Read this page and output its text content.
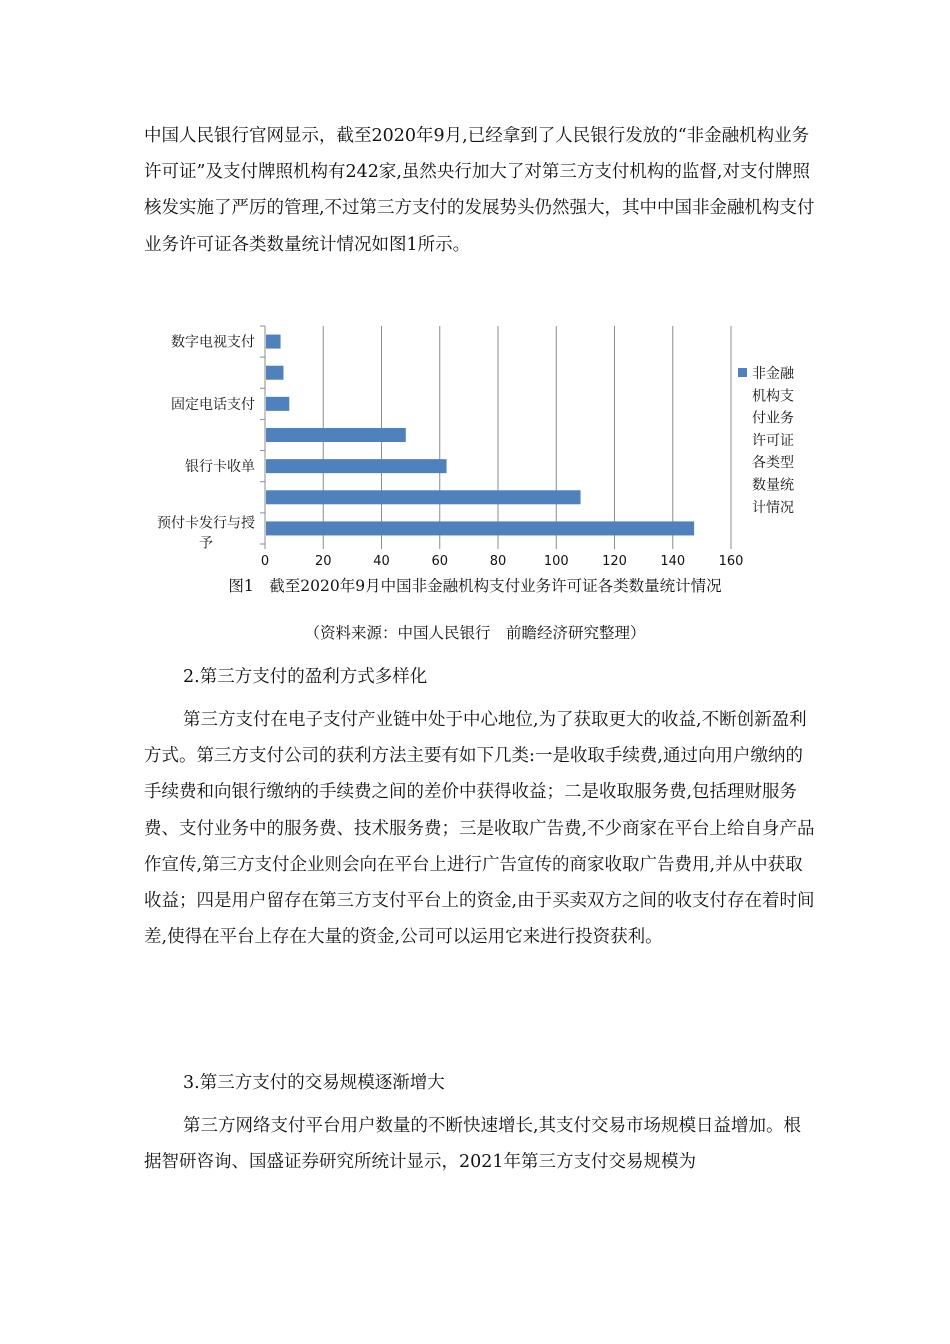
中国人民银行官网显示，截至2020年9月,已经拿到了人民银行发放的“非金融机构业务许可证”及支付牌照机构有242家,虽然央行加大了对第三方支付机构的监督,对支付牌照核发实施了严厉的管理,不过第三方支付的发展势头仍然强大，其中中国非金融机构支付业务许可证各类数量统计情况如图1所示。

数字电视支付
固定电话支付
银行卡收单
预付卡发行与授
予
0	20	40	60	80	100	120	140	160
非金融
机构支
付业务
许可证
各类型
数量统
计情况
图1　截至2020年9月中国非金融机构支付业务许可证各类数量统计情况
（资料来源：中国人民银行　前瞻经济研究整理）

2.第三方支付的盈利方式多样化

第三方支付在电子支付产业链中处于中心地位,为了获取更大的收益,不断创新盈利方式。第三方支付公司的获利方法主要有如下几类:一是收取手续费,通过向用户缴纳的手续费和向银行缴纳的手续费之间的差价中获得收益；二是收取服务费,包括理财服务费、支付业务中的服务费、技术服务费；三是收取广告费,不少商家在平台上给自身产品作宣传,第三方支付企业则会向在平台上进行广告宣传的商家收取广告费用,并从中获取收益；四是用户留存在第三方支付平台上的资金,由于买卖双方之间的收支付存在着时间差,使得在平台上存在大量的资金,公司可以运用它来进行投资获利。

3.第三方支付的交易规模逐渐增大

第三方网络支付平台用户数量的不断快速增长,其支付交易市场规模日益增加。根据智研咨询、国盛证券研究所统计显示，2021年第三方支付交易规模为
